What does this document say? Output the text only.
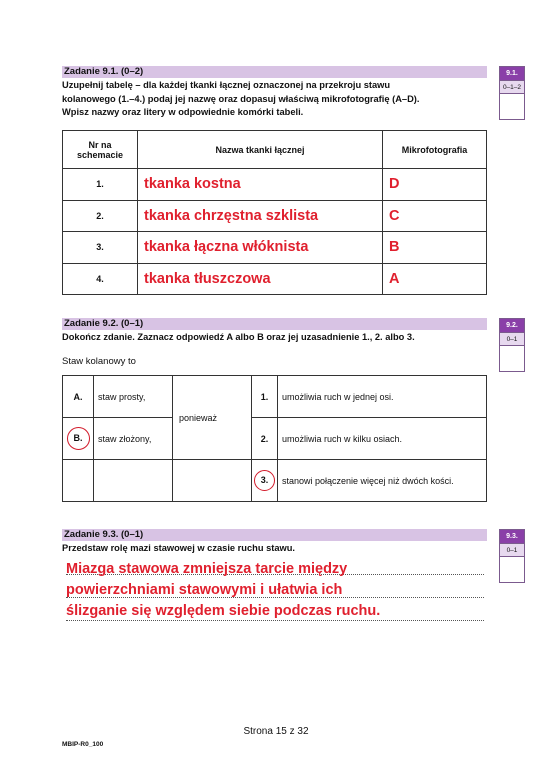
Zadanie 9.1. (0–2)
Uzupełnij tabelę – dla każdej tkanki łącznej oznaczonej na przekroju stawu
kolanowego (1.–4.) podaj jej nazwę oraz dopasuj właściwą mikrofotografię (A–D).
Wpisz nazwy oraz litery w odpowiednie komórki tabeli.
9.1.
0–1–2
Nr na
schemacie	Nazwa tkanki łącznej	Mikrofotografia
1.	tkanka kostna	D
2.	tkanka chrzęstna szklista	C
3.	tkanka łączna włóknista	B
4.	tkanka tłuszczowa	A
Zadanie 9.2. (0–1)
Dokończ zdanie. Zaznacz odpowiedź A albo B oraz jej uzasadnienie 1., 2. albo 3.
9.2.
0–1
Staw kolanowy to
A.	staw prosty,	ponieważ	1.	umożliwia ruch w jednej osi.
B.	staw złożony,		2.	umożliwia ruch w kilku osiach.

			3.	stanowi połączenie więcej niż dwóch kości.
Zadanie 9.3. (0–1)
Przedstaw rolę mazi stawowej w czasie ruchu stawu.
9.3.
0–1
Miazga stawowa zmniejsza tarcie między
powierzchniami stawowymi i ułatwia ich
ślizganie się względem siebie podczas ruchu.
Strona 15 z 32
MBIP-R0_100
